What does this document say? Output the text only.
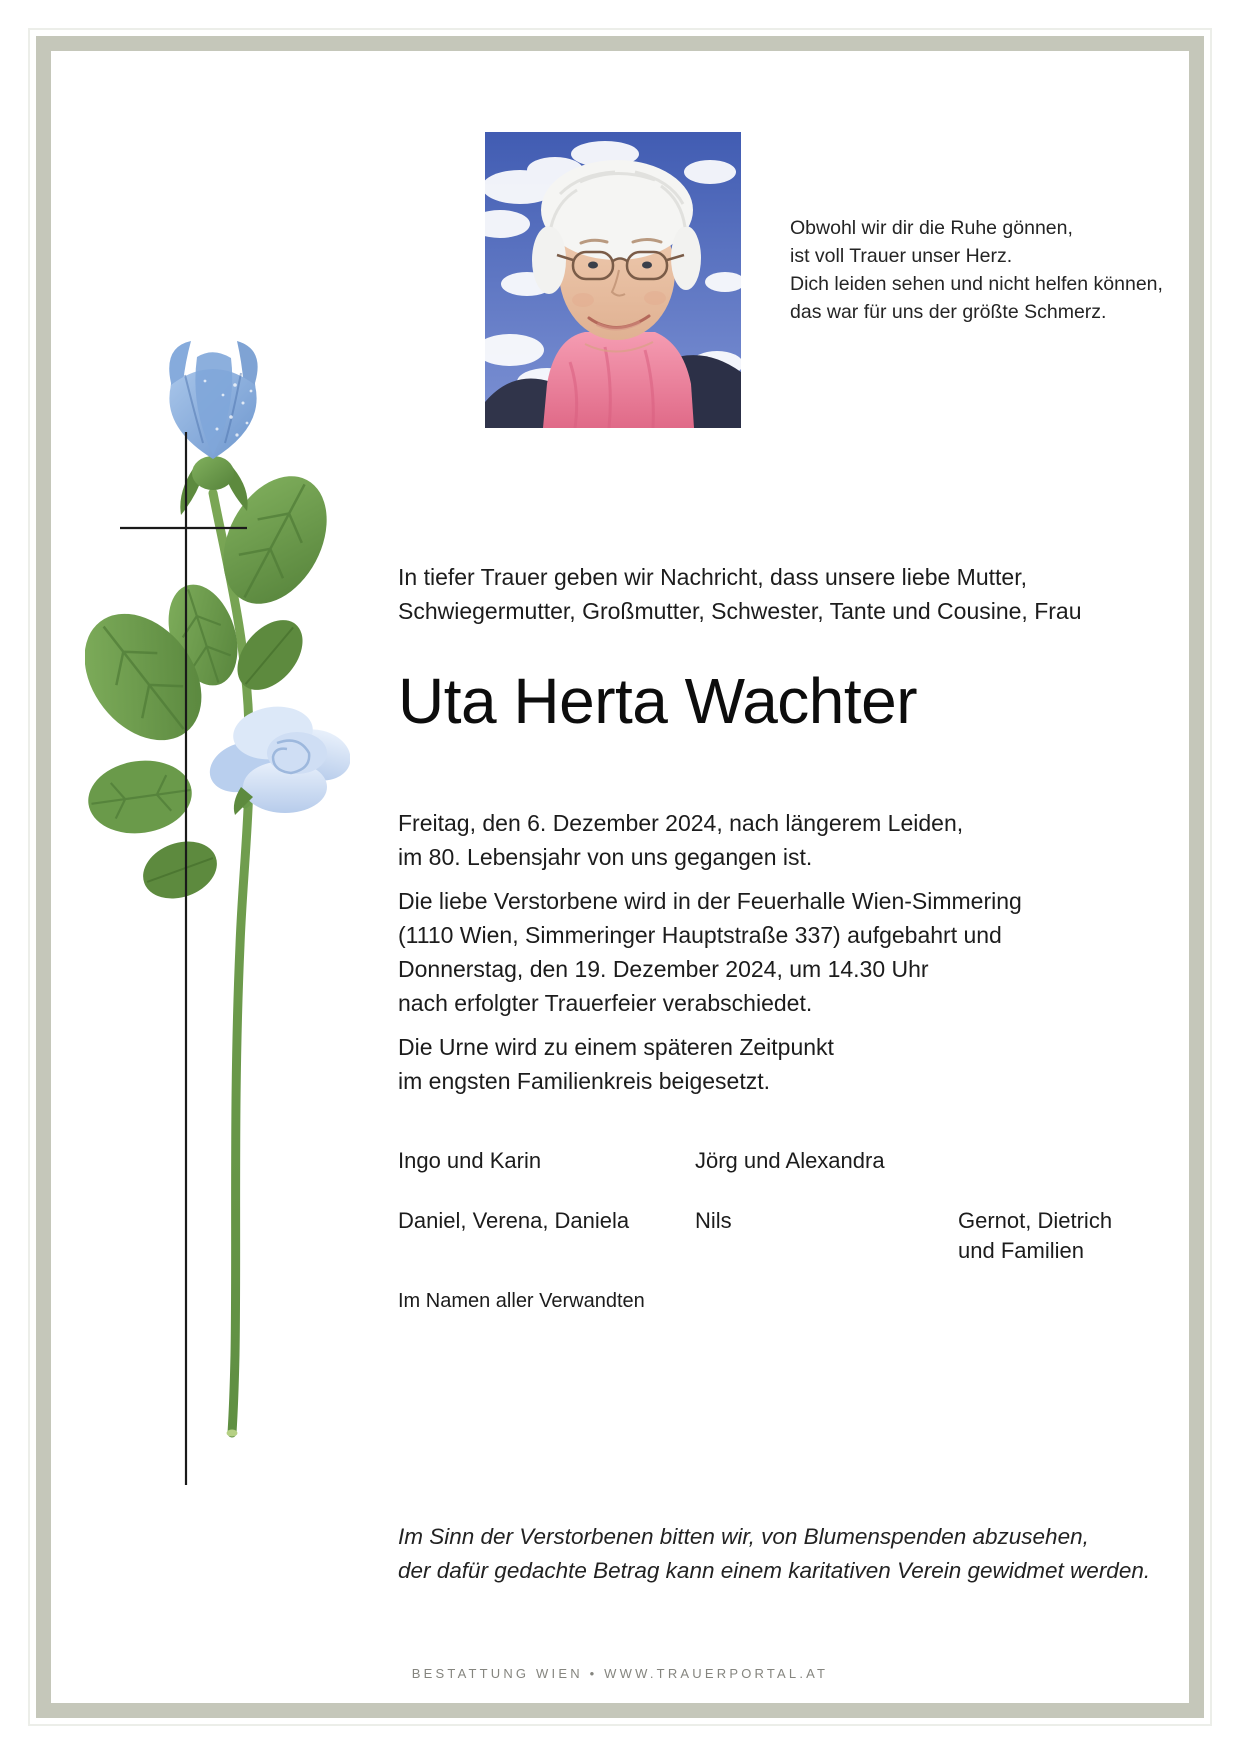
Obwohl wir dir die Ruhe gönnen,
ist voll Trauer unser Herz.
Dich leiden sehen und nicht helfen können,
das war für uns der größte Schmerz.
In tiefer Trauer geben wir Nachricht, dass unsere liebe Mutter,
Schwiegermutter, Großmutter, Schwester, Tante und Cousine, Frau
Uta Herta Wachter
Freitag, den 6. Dezember 2024, nach längerem Leiden,
im 80. Lebensjahr von uns gegangen ist.
Die liebe Verstorbene wird in der Feuerhalle Wien-Simmering
(1110 Wien, Simmeringer Hauptstraße 337) aufgebahrt und
Donnerstag, den 19. Dezember 2024, um 14.30 Uhr
nach erfolgter Trauerfeier verabschiedet.
Die Urne wird zu einem späteren Zeitpunkt
im engsten Familienkreis beigesetzt.
Ingo und Karin	Jörg und Alexandra
Daniel, Verena, Daniela	Nils	Gernot, Dietrich
und Familien
Im Namen aller Verwandten
Im Sinn der Verstorbenen bitten wir, von Blumenspenden abzusehen,
der dafür gedachte Betrag kann einem karitativen Verein gewidmet werden.
BESTATTUNG WIEN • WWW.TRAUERPORTAL.AT
